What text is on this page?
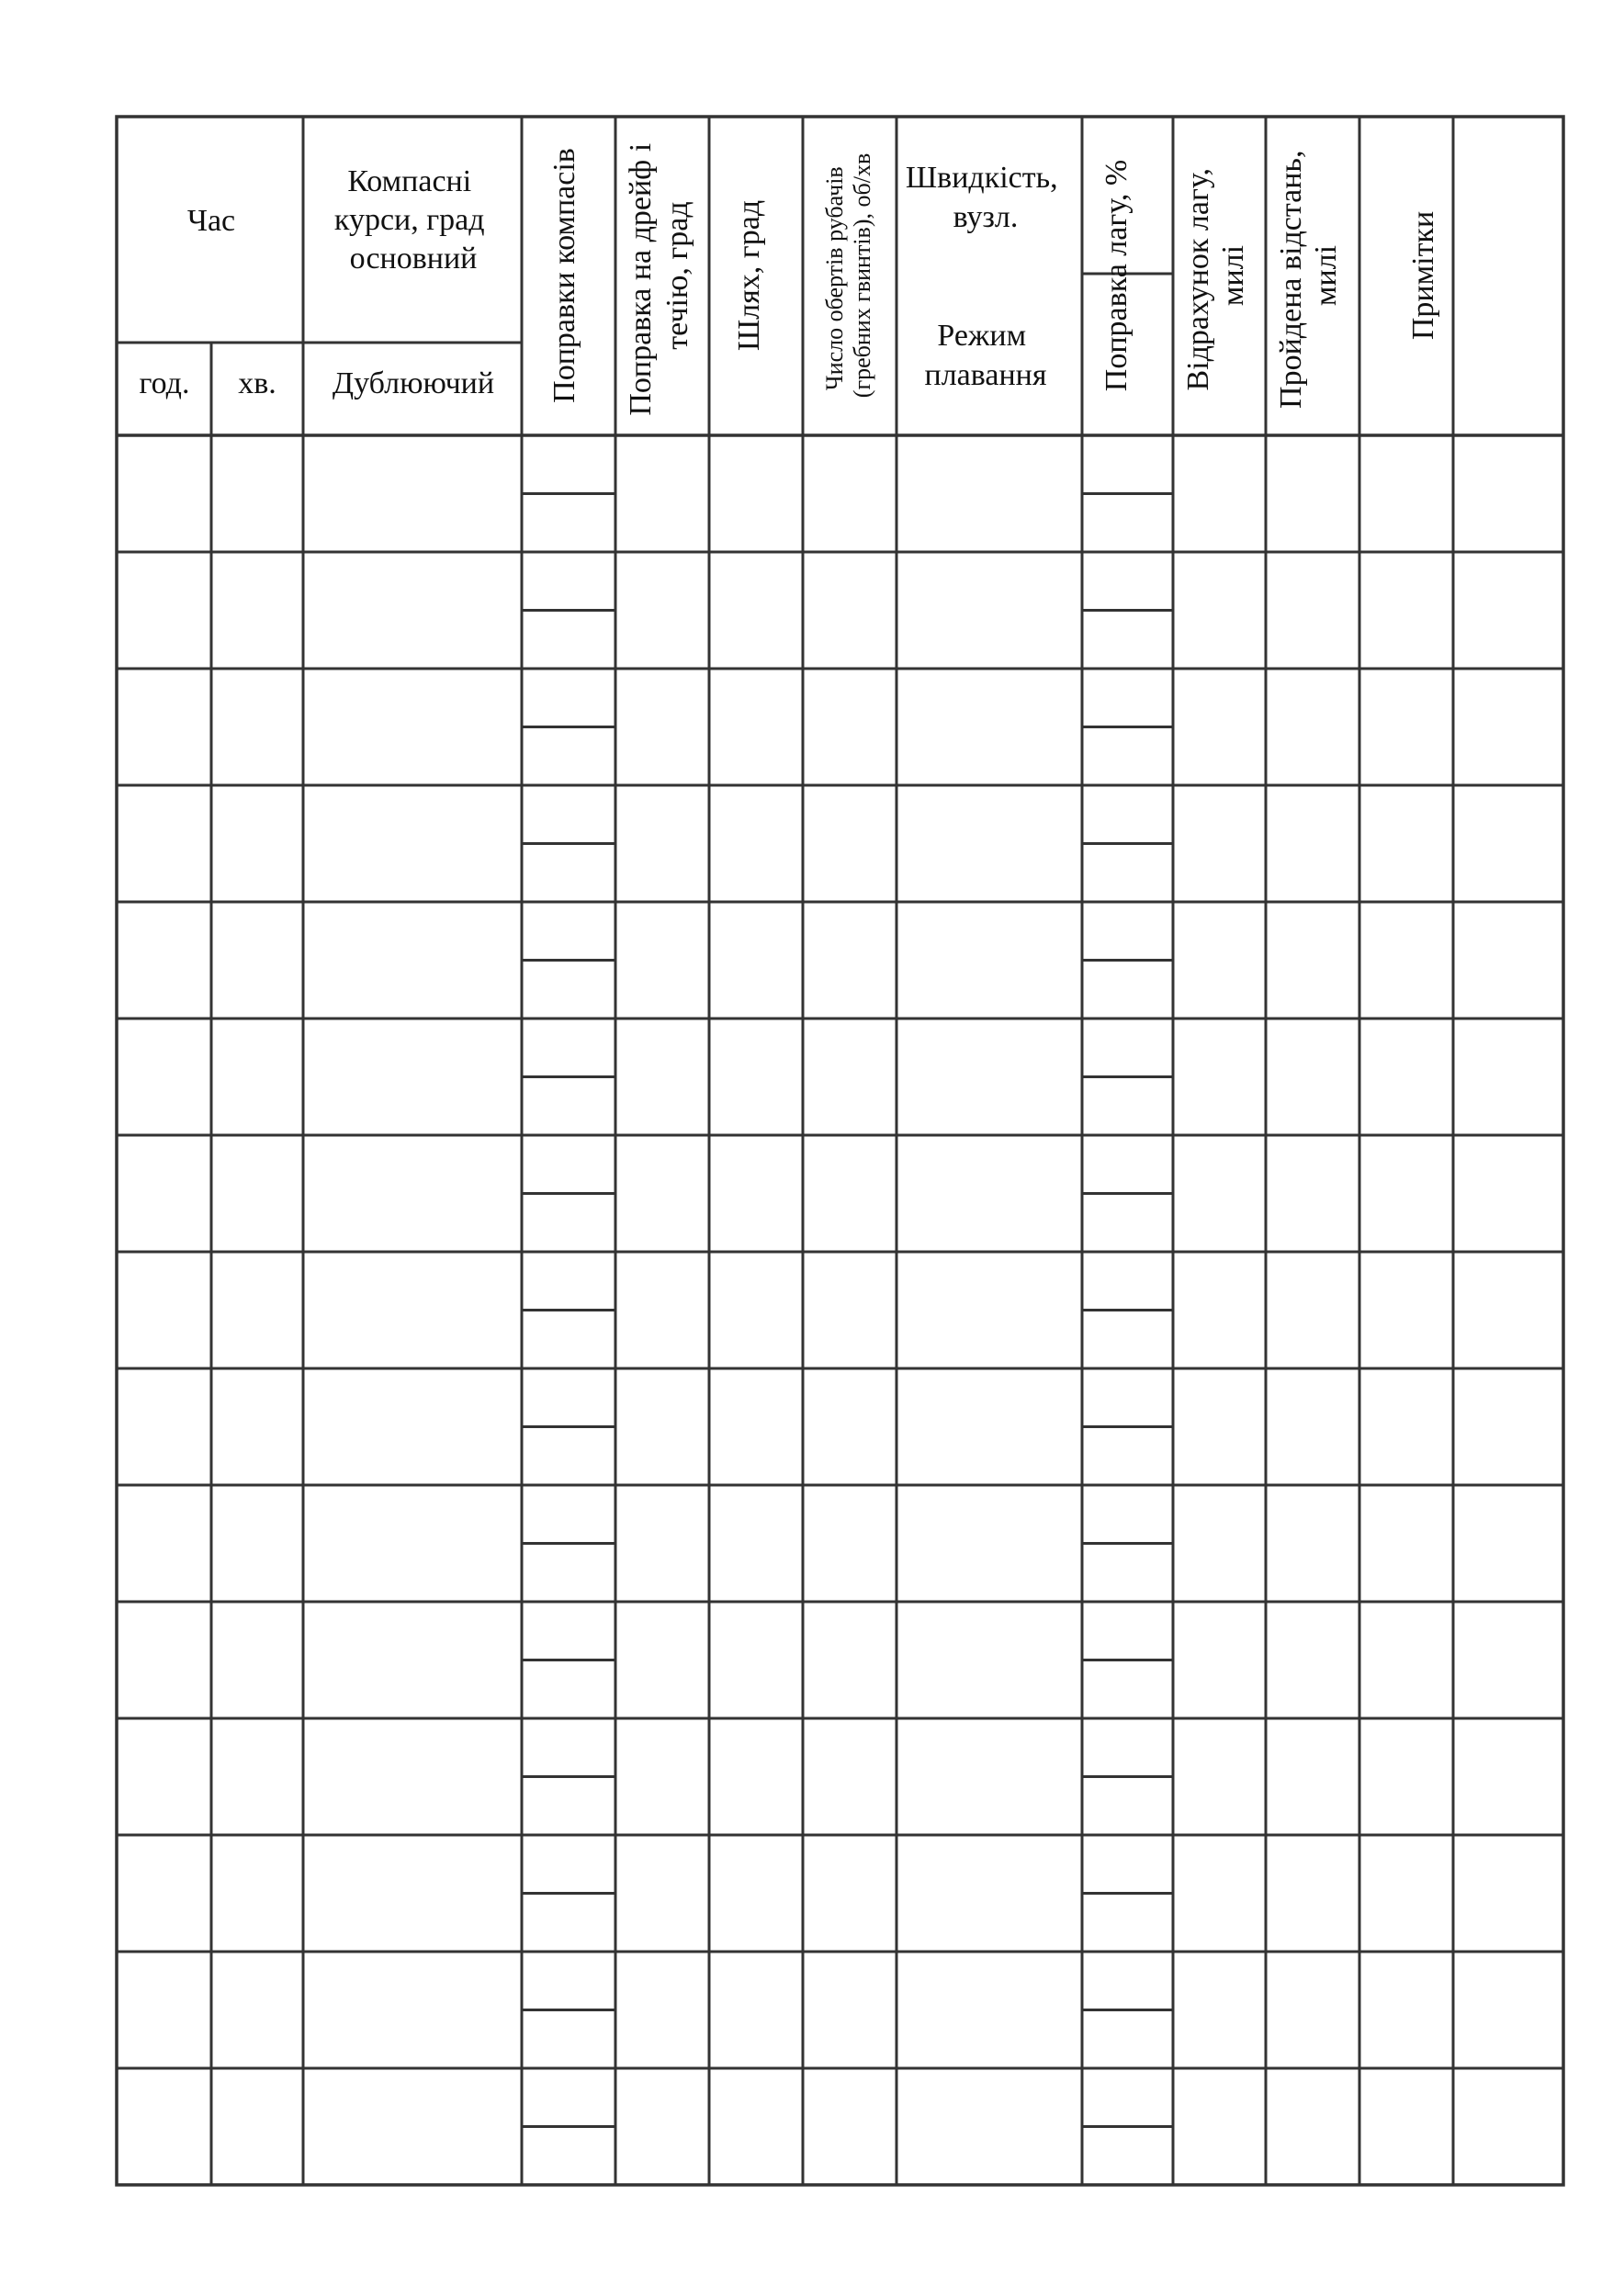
Час
год. хв.
Компасні курси, град основний
Дублюючий Поправки компасів Поправка на дрейф і течію, град Шлях, град Число обертів рубачів (гребних гвинтів), об/хв Швидкість, вузл.
Режим плавання Поправка лагу, % Відрахунок лагу, милі Пройдена відстань, милі Примітки
